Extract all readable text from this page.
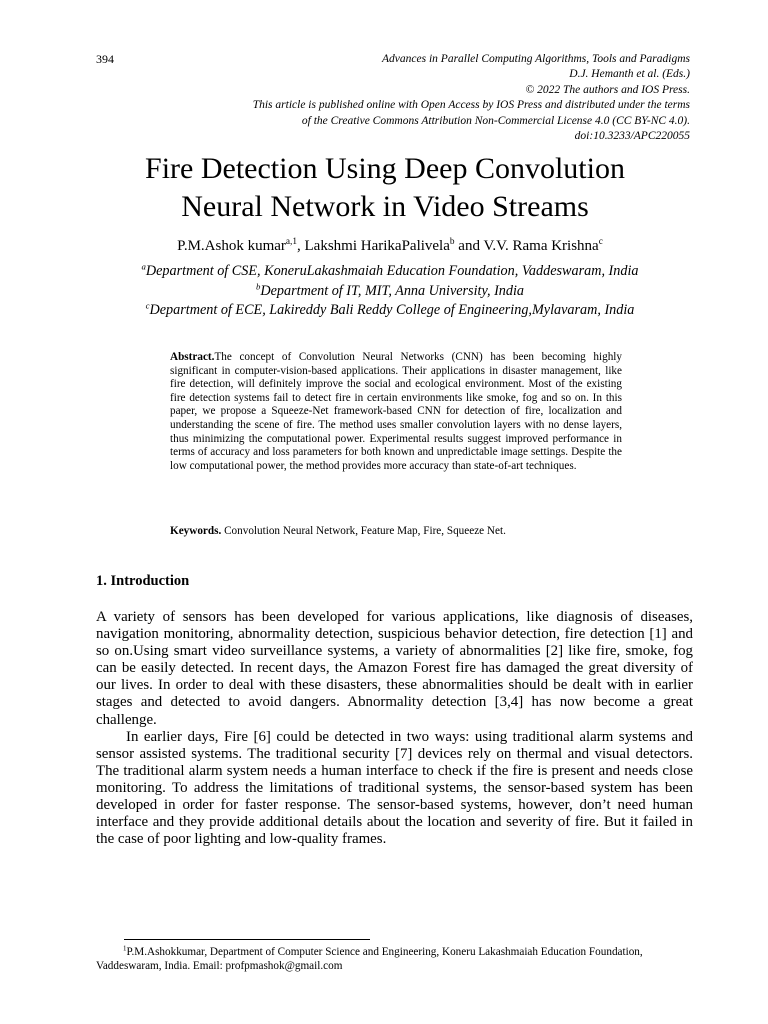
394	Advances in Parallel Computing Algorithms, Tools and Paradigms
D.J. Hemanth et al. (Eds.)
© 2022 The authors and IOS Press.
This article is published online with Open Access by IOS Press and distributed under the terms
of the Creative Commons Attribution Non-Commercial License 4.0 (CC BY-NC 4.0).
doi:10.3233/APC220055
Fire Detection Using Deep Convolution
Neural Network in Video Streams
P.M.Ashok kumar$^{a,1}$, Lakshmi HarikaPalivela$^b$ and V.V. Rama Krishna$^c$
$^a$Department of CSE, KoneruLakashmaiah Education Foundation, Vaddeswaram, India
$^b$Department of IT, MIT, Anna University, India
$^c$Department of ECE, Lakireddy Bali Reddy College of Engineering,Mylavaram, India
Abstract.The concept of Convolution Neural Networks (CNN) has been becoming highly significant in computer-vision-based applications. Their applications in disaster management, like fire detection, will definitely improve the social and ecological environment. Most of the existing fire detection systems fail to detect fire in certain environments like smoke, fog and so on. In this paper, we propose a Squeeze-Net framework-based CNN for detection of fire, localization and understanding the scene of fire. The method uses smaller convolution layers with no dense layers, thus minimizing the computational power. Experimental results suggest improved performance in terms of accuracy and loss parameters for both known and unpredictable image settings. Despite the low computational power, the method provides more accuracy than state-of-art techniques.
Keywords. Convolution Neural Network, Feature Map, Fire, Squeeze Net.
1. Introduction

A variety of sensors has been developed for various applications, like diagnosis of diseases, navigation monitoring, abnormality detection, suspicious behavior detection, fire detection [1] and so on.Using smart video surveillance systems, a variety of abnormalities [2] like fire, smoke, fog can be easily detected. In recent days, the Amazon Forest fire has damaged the great diversity of our lives. In order to deal with these disasters, these abnormalities should be dealt with in earlier stages and detected to avoid dangers. Abnormality detection [3,4] has now become a great challenge.

In earlier days, Fire [6] could be detected in two ways: using traditional alarm systems and sensor assisted systems. The traditional security [7] devices rely on thermal and visual detectors. The traditional alarm system needs a human interface to check if the fire is present and needs close monitoring. To address the limitations of traditional systems, the sensor-based system has been developed in order for faster response. The sensor-based systems, however, don’t need human interface and they provide additional details about the location and severity of fire. But it failed in the case of poor lighting and low-quality frames.

$^1$P.M.Ashokkumar, Department of Computer Science and Engineering, Koneru Lakashmaiah Education Foundation, Vaddeswaram, India. Email: profpmashok@gmail.com
